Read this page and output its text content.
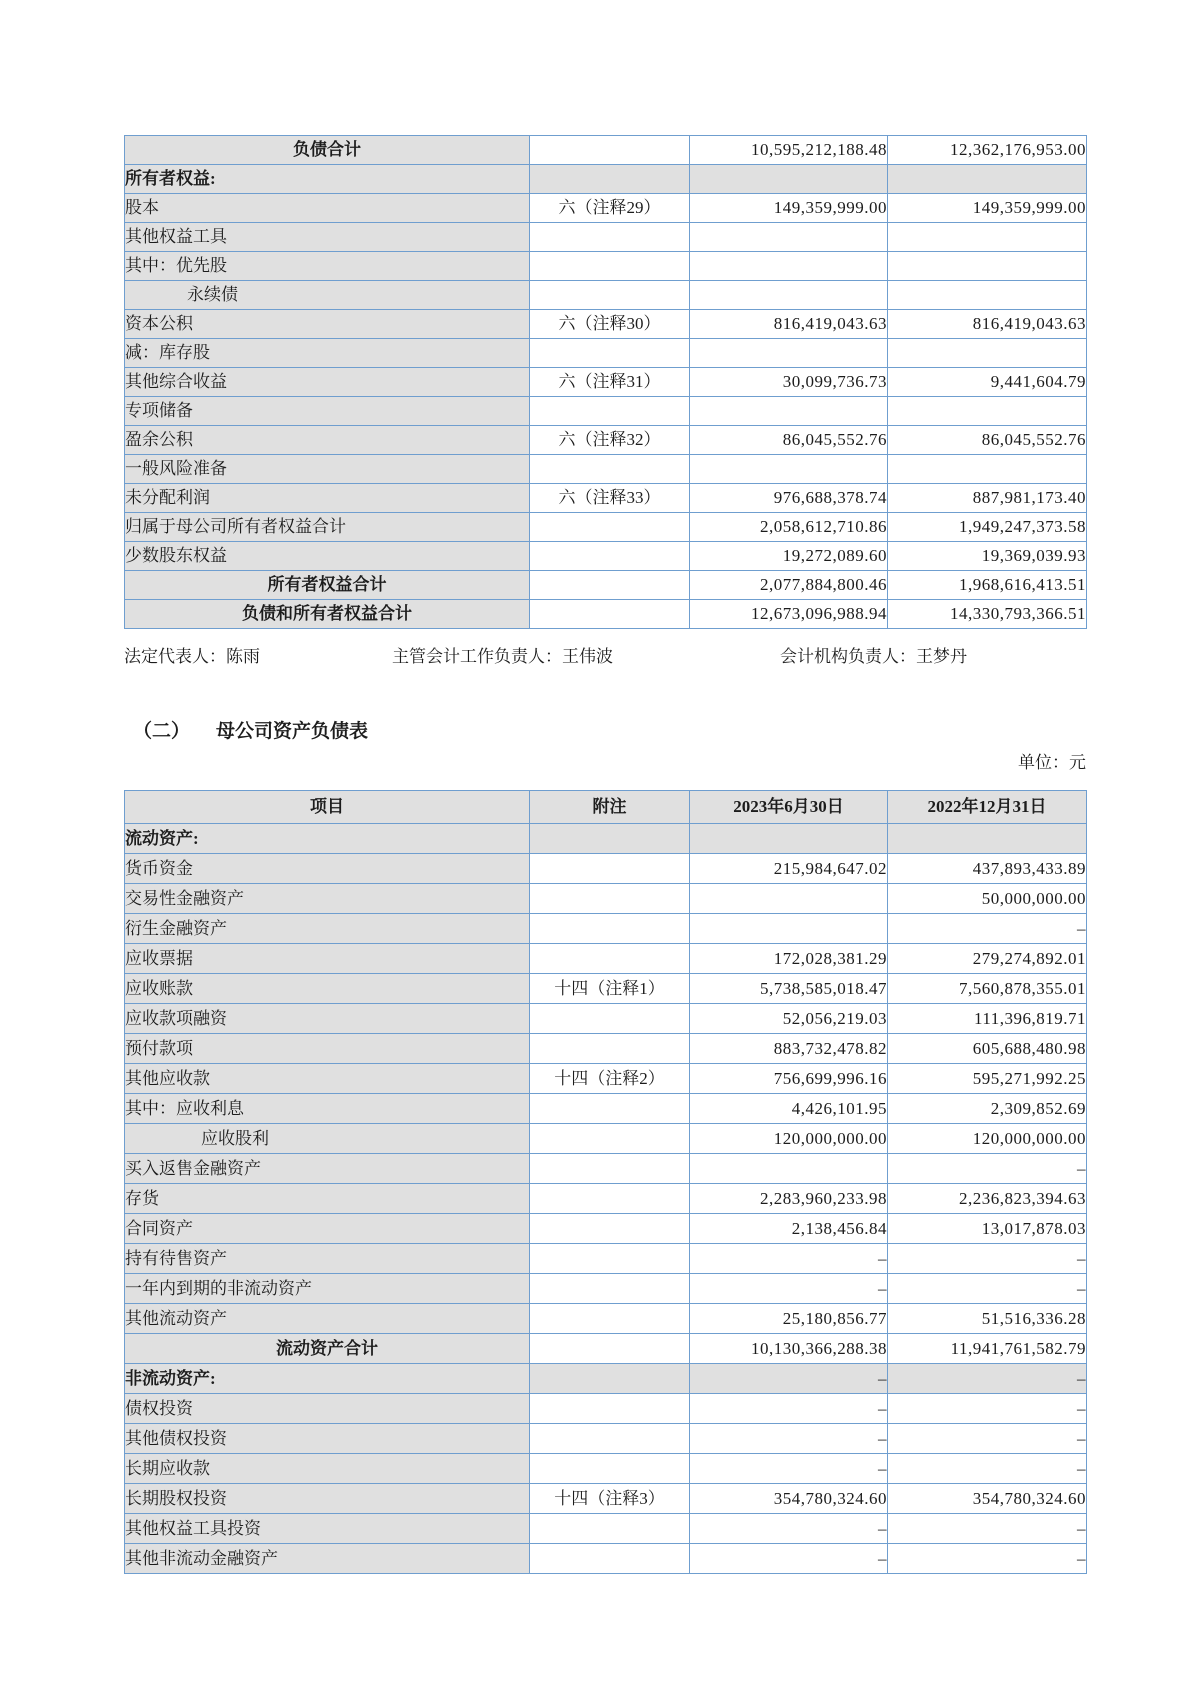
负债合计		10,595,212,188.48	12,362,176,953.00
所有者权益:			
股本	六（注释29）	149,359,999.00	149,359,999.00
其他权益工具			
其中：优先股			
永续债			
资本公积	六（注释30）	816,419,043.63	816,419,043.63
减：库存股			
其他综合收益	六（注释31）	30,099,736.73	9,441,604.79
专项储备			
盈余公积	六（注释32）	86,045,552.76	86,045,552.76
一般风险准备			
未分配利润	六（注释33）	976,688,378.74	887,981,173.40
归属于母公司所有者权益合计		2,058,612,710.86	1,949,247,373.58
少数股东权益		19,272,089.60	19,369,039.93
所有者权益合计		2,077,884,800.46	1,968,616,413.51
负债和所有者权益合计		12,673,096,988.94	14,330,793,366.51
法定代表人：陈雨	主管会计工作负责人：王伟波	会计机构负责人：王梦丹
（二） 母公司资产负债表
单位：元
项目	附注	2023年6月30日	2022年12月31日
流动资产:			
货币资金		215,984,647.02	437,893,433.89
交易性金融资产			50,000,000.00
衍生金融资产			–
应收票据		172,028,381.29	279,274,892.01
应收账款	十四（注释1）	5,738,585,018.47	7,560,878,355.01
应收款项融资		52,056,219.03	111,396,819.71
预付款项		883,732,478.82	605,688,480.98
其他应收款	十四（注释2）	756,699,996.16	595,271,992.25
其中：应收利息		4,426,101.95	2,309,852.69
应收股利		120,000,000.00	120,000,000.00
买入返售金融资产			–
存货		2,283,960,233.98	2,236,823,394.63
合同资产		2,138,456.84	13,017,878.03
持有待售资产		–	–
一年内到期的非流动资产		–	–
其他流动资产		25,180,856.77	51,516,336.28
流动资产合计		10,130,366,288.38	11,941,761,582.79
非流动资产:		–	–
债权投资		–	–
其他债权投资		–	–
长期应收款		–	–
长期股权投资	十四（注释3）	354,780,324.60	354,780,324.60
其他权益工具投资		–	–
其他非流动金融资产		–	–
